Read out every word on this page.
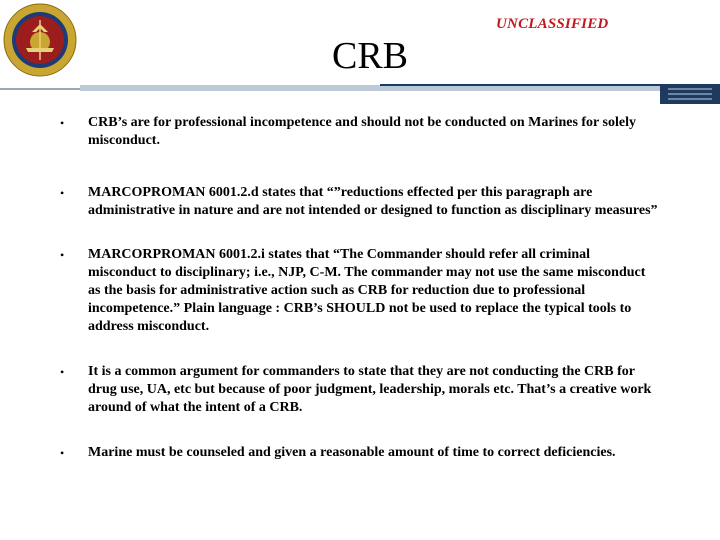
CRB
UNCLASSIFIED
• CRB’s are for professional incompetence and should not be conducted on Marines for solely misconduct.
• MARCOPROMAN 6001.2.d states that “”reductions effected per this paragraph are administrative in nature and are not intended or designed to function as disciplinary measures”
• MARCORPROMAN 6001.2.i states that “The Commander should refer all criminal misconduct to disciplinary; i.e., NJP, C-M. The commander may not use the same misconduct as the basis for administrative action such as CRB for reduction due to professional incompetence.” Plain language : CRB’s SHOULD not be used to replace the typical tools to address misconduct.
• It is a common argument for commanders to state that they are not conducting the CRB for drug use, UA, etc but because of poor judgment, leadership, morals etc. That’s a creative work around of what the intent of a CRB.
• Marine must be counseled and given a reasonable amount of time to correct deficiencies.
